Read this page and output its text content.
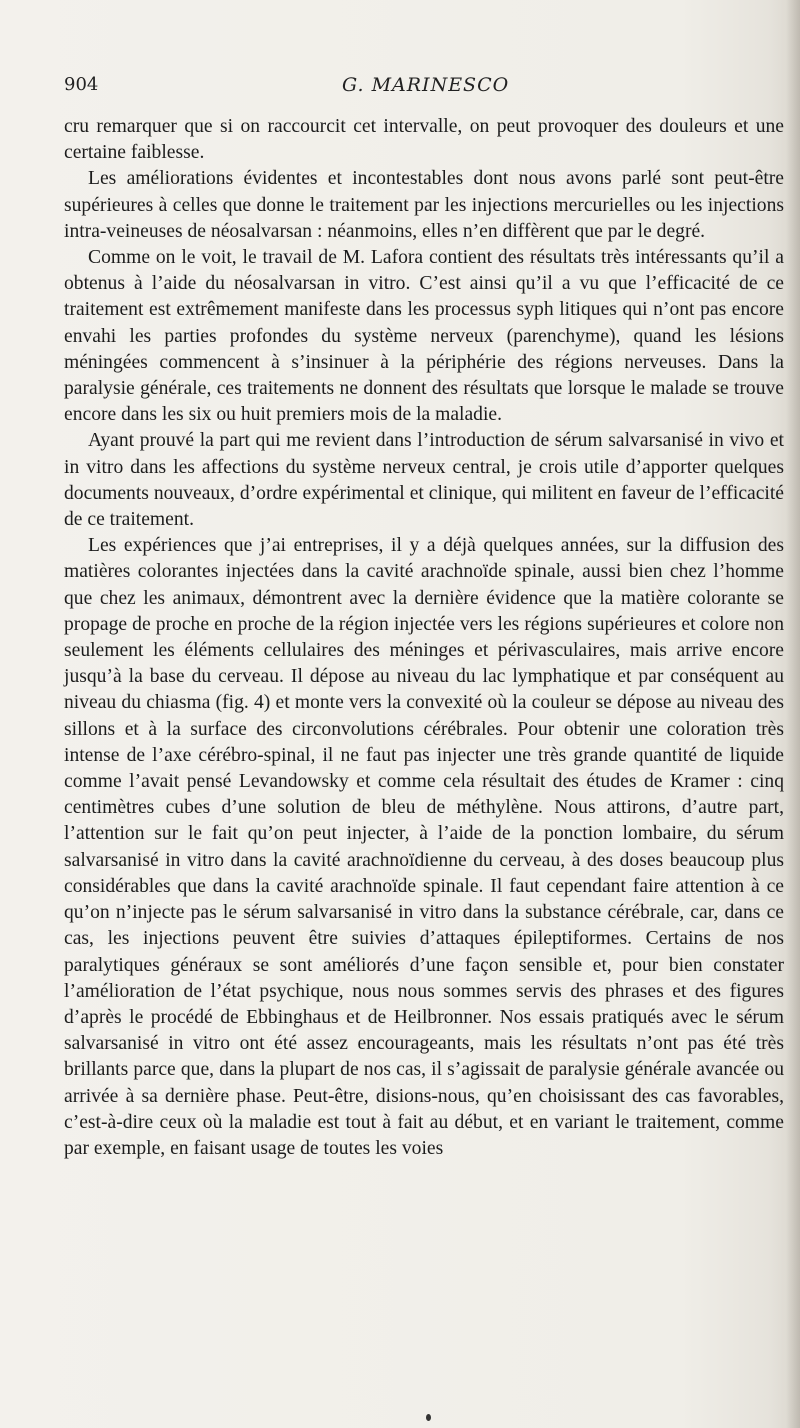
904	G. MARINESCO

cru remarquer que si on raccourcit cet intervalle, on peut provoquer des douleurs et une certaine faiblesse.

Les améliorations évidentes et incontestables dont nous avons parlé sont peut-être supérieures à celles que donne le traitement par les injections mercurielles ou les injections intra-veineuses de néosalvarsan : néanmoins, elles n’en diffèrent que par le degré.

Comme on le voit, le travail de M. Lafora contient des résultats très intéressants qu’il a obtenus à l’aide du néosalvarsan in vitro. C’est ainsi qu’il a vu que l’efficacité de ce traitement est extrêmement manifeste dans les processus syph litiques qui n’ont pas encore envahi les parties profondes du système nerveux (parenchyme), quand les lésions méningées commencent à s’insinuer à la périphérie des régions nerveuses. Dans la paralysie générale, ces traitements ne donnent des résultats que lorsque le malade se trouve encore dans les six ou huit premiers mois de la maladie.

Ayant prouvé la part qui me revient dans l’introduction de sérum salvarsanisé in vivo et in vitro dans les affections du système nerveux central, je crois utile d’apporter quelques documents nouveaux, d’ordre expérimental et clinique, qui militent en faveur de l’efficacité de ce traitement.

Les expériences que j’ai entreprises, il y a déjà quelques années, sur la diffusion des matières colorantes injectées dans la cavité arachnoïde spinale, aussi bien chez l’homme que chez les animaux, démontrent avec la dernière évidence que la matière colorante se propage de proche en proche de la région injectée vers les régions supérieures et colore non seulement les éléments cellulaires des méninges et périvasculaires, mais arrive encore jusqu’à la base du cerveau. Il dépose au niveau du lac lymphatique et par conséquent au niveau du chiasma (fig. 4) et monte vers la convexité où la couleur se dépose au niveau des sillons et à la surface des circonvolutions cérébrales. Pour obtenir une coloration très intense de l’axe cérébro-spinal, il ne faut pas injecter une très grande quantité de liquide comme l’avait pensé Levandowsky et comme cela résultait des études de Kramer : cinq centimètres cubes d’une solution de bleu de méthylène. Nous attirons, d’autre part, l’attention sur le fait qu’on peut injecter, à l’aide de la ponction lombaire, du sérum salvarsanisé in vitro dans la cavité arachnoïdienne du cerveau, à des doses beaucoup plus considérables que dans la cavité arachnoïde spinale. Il faut cependant faire attention à ce qu’on n’injecte pas le sérum salvarsanisé in vitro dans la substance cérébrale, car, dans ce cas, les injections peuvent être suivies d’attaques épileptiformes. Certains de nos paralytiques généraux se sont améliorés d’une façon sensible et, pour bien constater l’amélioration de l’état psychique, nous nous sommes servis des phrases et des figures d’après le procédé de Ebbinghaus et de Heilbronner. Nos essais pratiqués avec le sérum salvarsanisé in vitro ont été assez encourageants, mais les résultats n’ont pas été très brillants parce que, dans la plupart de nos cas, il s’agissait de paralysie générale avancée ou arrivée à sa dernière phase. Peut-être, disions-nous, qu’en choisissant des cas favorables, c’est-à-dire ceux où la maladie est tout à fait au début, et en variant le traitement, comme par exemple, en faisant usage de toutes les voies
